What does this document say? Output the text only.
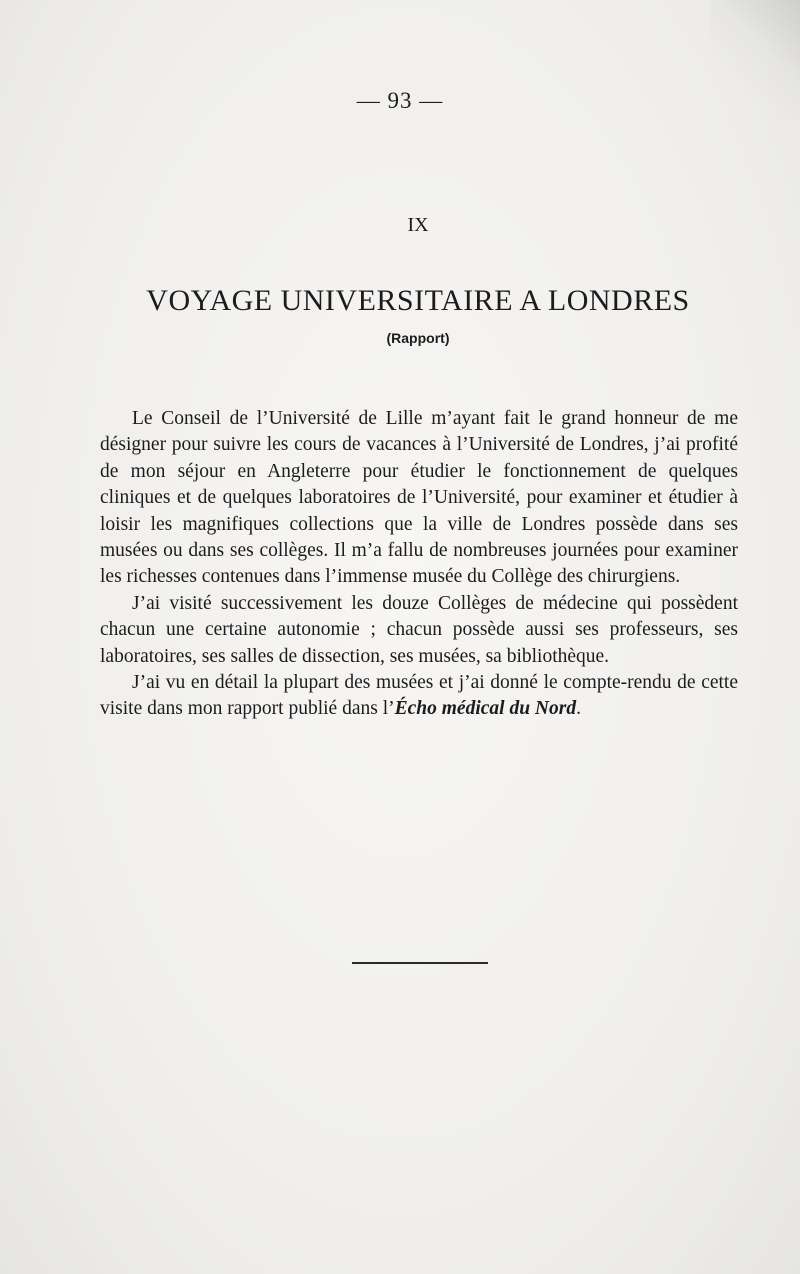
— 93 —
IX
VOYAGE UNIVERSITAIRE A LONDRES
(Rapport)

Le Conseil de l’Université de Lille m’ayant fait le grand honneur de me désigner pour suivre les cours de vacances à l’Université de Londres, j’ai profité de mon séjour en Angleterre pour étudier le fonctionnement de quelques cliniques et de quelques laboratoires de l’Université, pour examiner et étudier à loisir les magnifiques collections que la ville de Londres possède dans ses musées ou dans ses collèges. Il m’a fallu de nombreuses journées pour examiner les richesses contenues dans l’immense musée du Collège des chirurgiens.

J’ai visité successivement les douze Collèges de médecine qui possèdent chacun une certaine autonomie ; chacun possède aussi ses professeurs, ses laboratoires, ses salles de dissection, ses musées, sa bibliothèque.

J’ai vu en détail la plupart des musées et j’ai donné le compte-rendu de cette visite dans mon rapport publié dans l’Écho médical du Nord.
